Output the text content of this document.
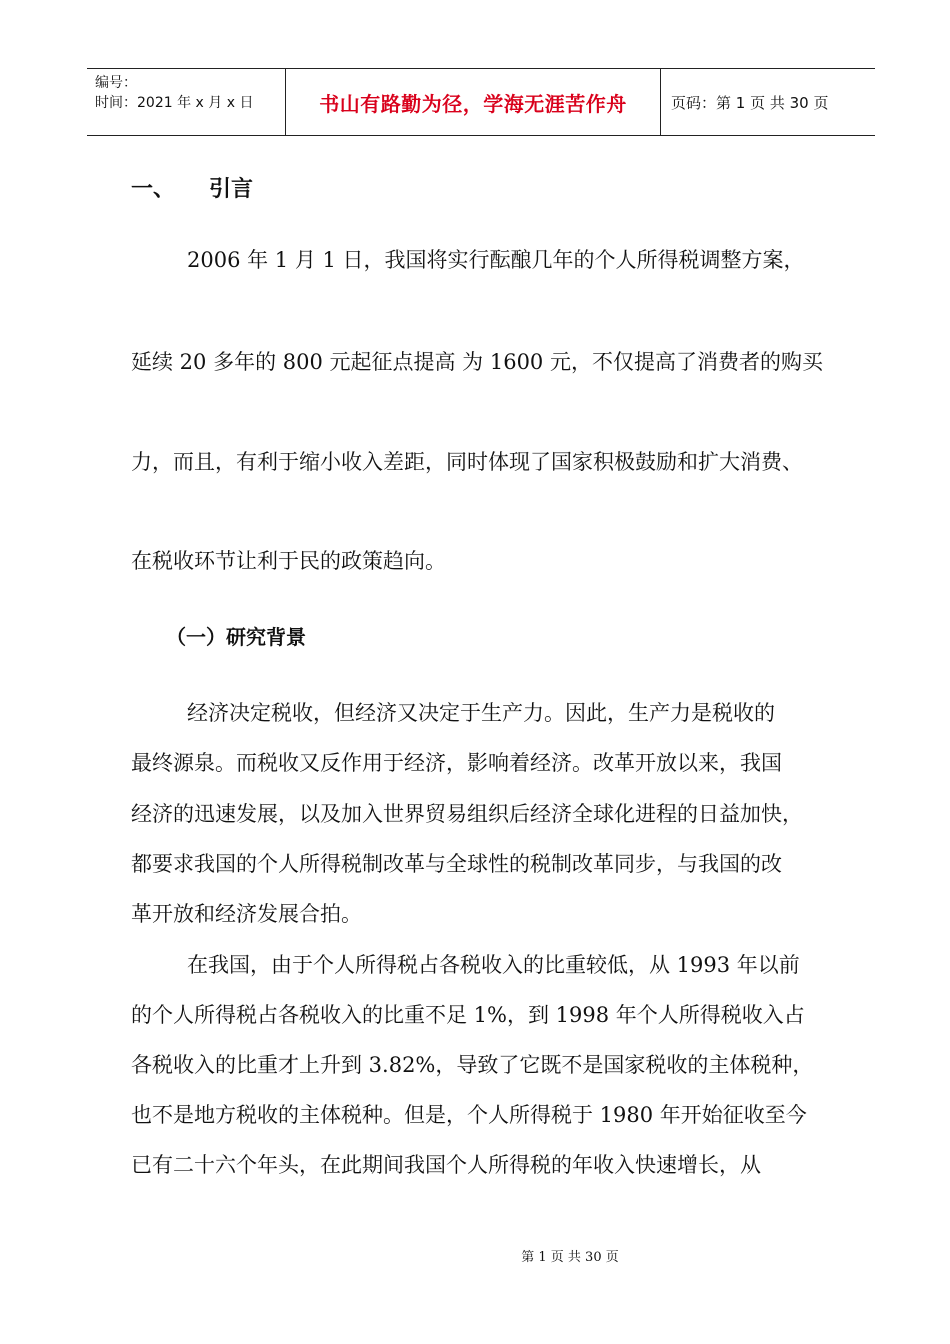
编号：
时间：2021 年 x 月 x 日	书山有路勤为径，学海无涯苦作舟	页码：第 1 页 共 30 页
一、 引言
2006 年 1 月 1 日，我国将实行酝酿几年的个人所得税调整方案，
延续 20 多年的 800 元起征点提高 为 1600 元，不仅提高了消费者的购买
力，而且，有利于缩小收入差距，同时体现了国家积极鼓励和扩大消费、
在税收环节让利于民的政策趋向。
（一）研究背景
经济决定税收，但经济又决定于生产力。因此，生产力是税收的
最终源泉。而税收又反作用于经济，影响着经济。改革开放以来，我国
经济的迅速发展，以及加入世界贸易组织后经济全球化进程的日益加快，
都要求我国的个人所得税制改革与全球性的税制改革同步，与我国的改
革开放和经济发展合拍。
在我国，由于个人所得税占各税收入的比重较低，从 1993 年以前
的个人所得税占各税收入的比重不足 1%，到 1998 年个人所得税收入占
各税收入的比重才上升到 3.82%，导致了它既不是国家税收的主体税种，
也不是地方税收的主体税种。但是，个人所得税于 1980 年开始征收至今
已有二十六个年头，在此期间我国个人所得税的年收入快速增长，从
第 1 页 共 30 页
